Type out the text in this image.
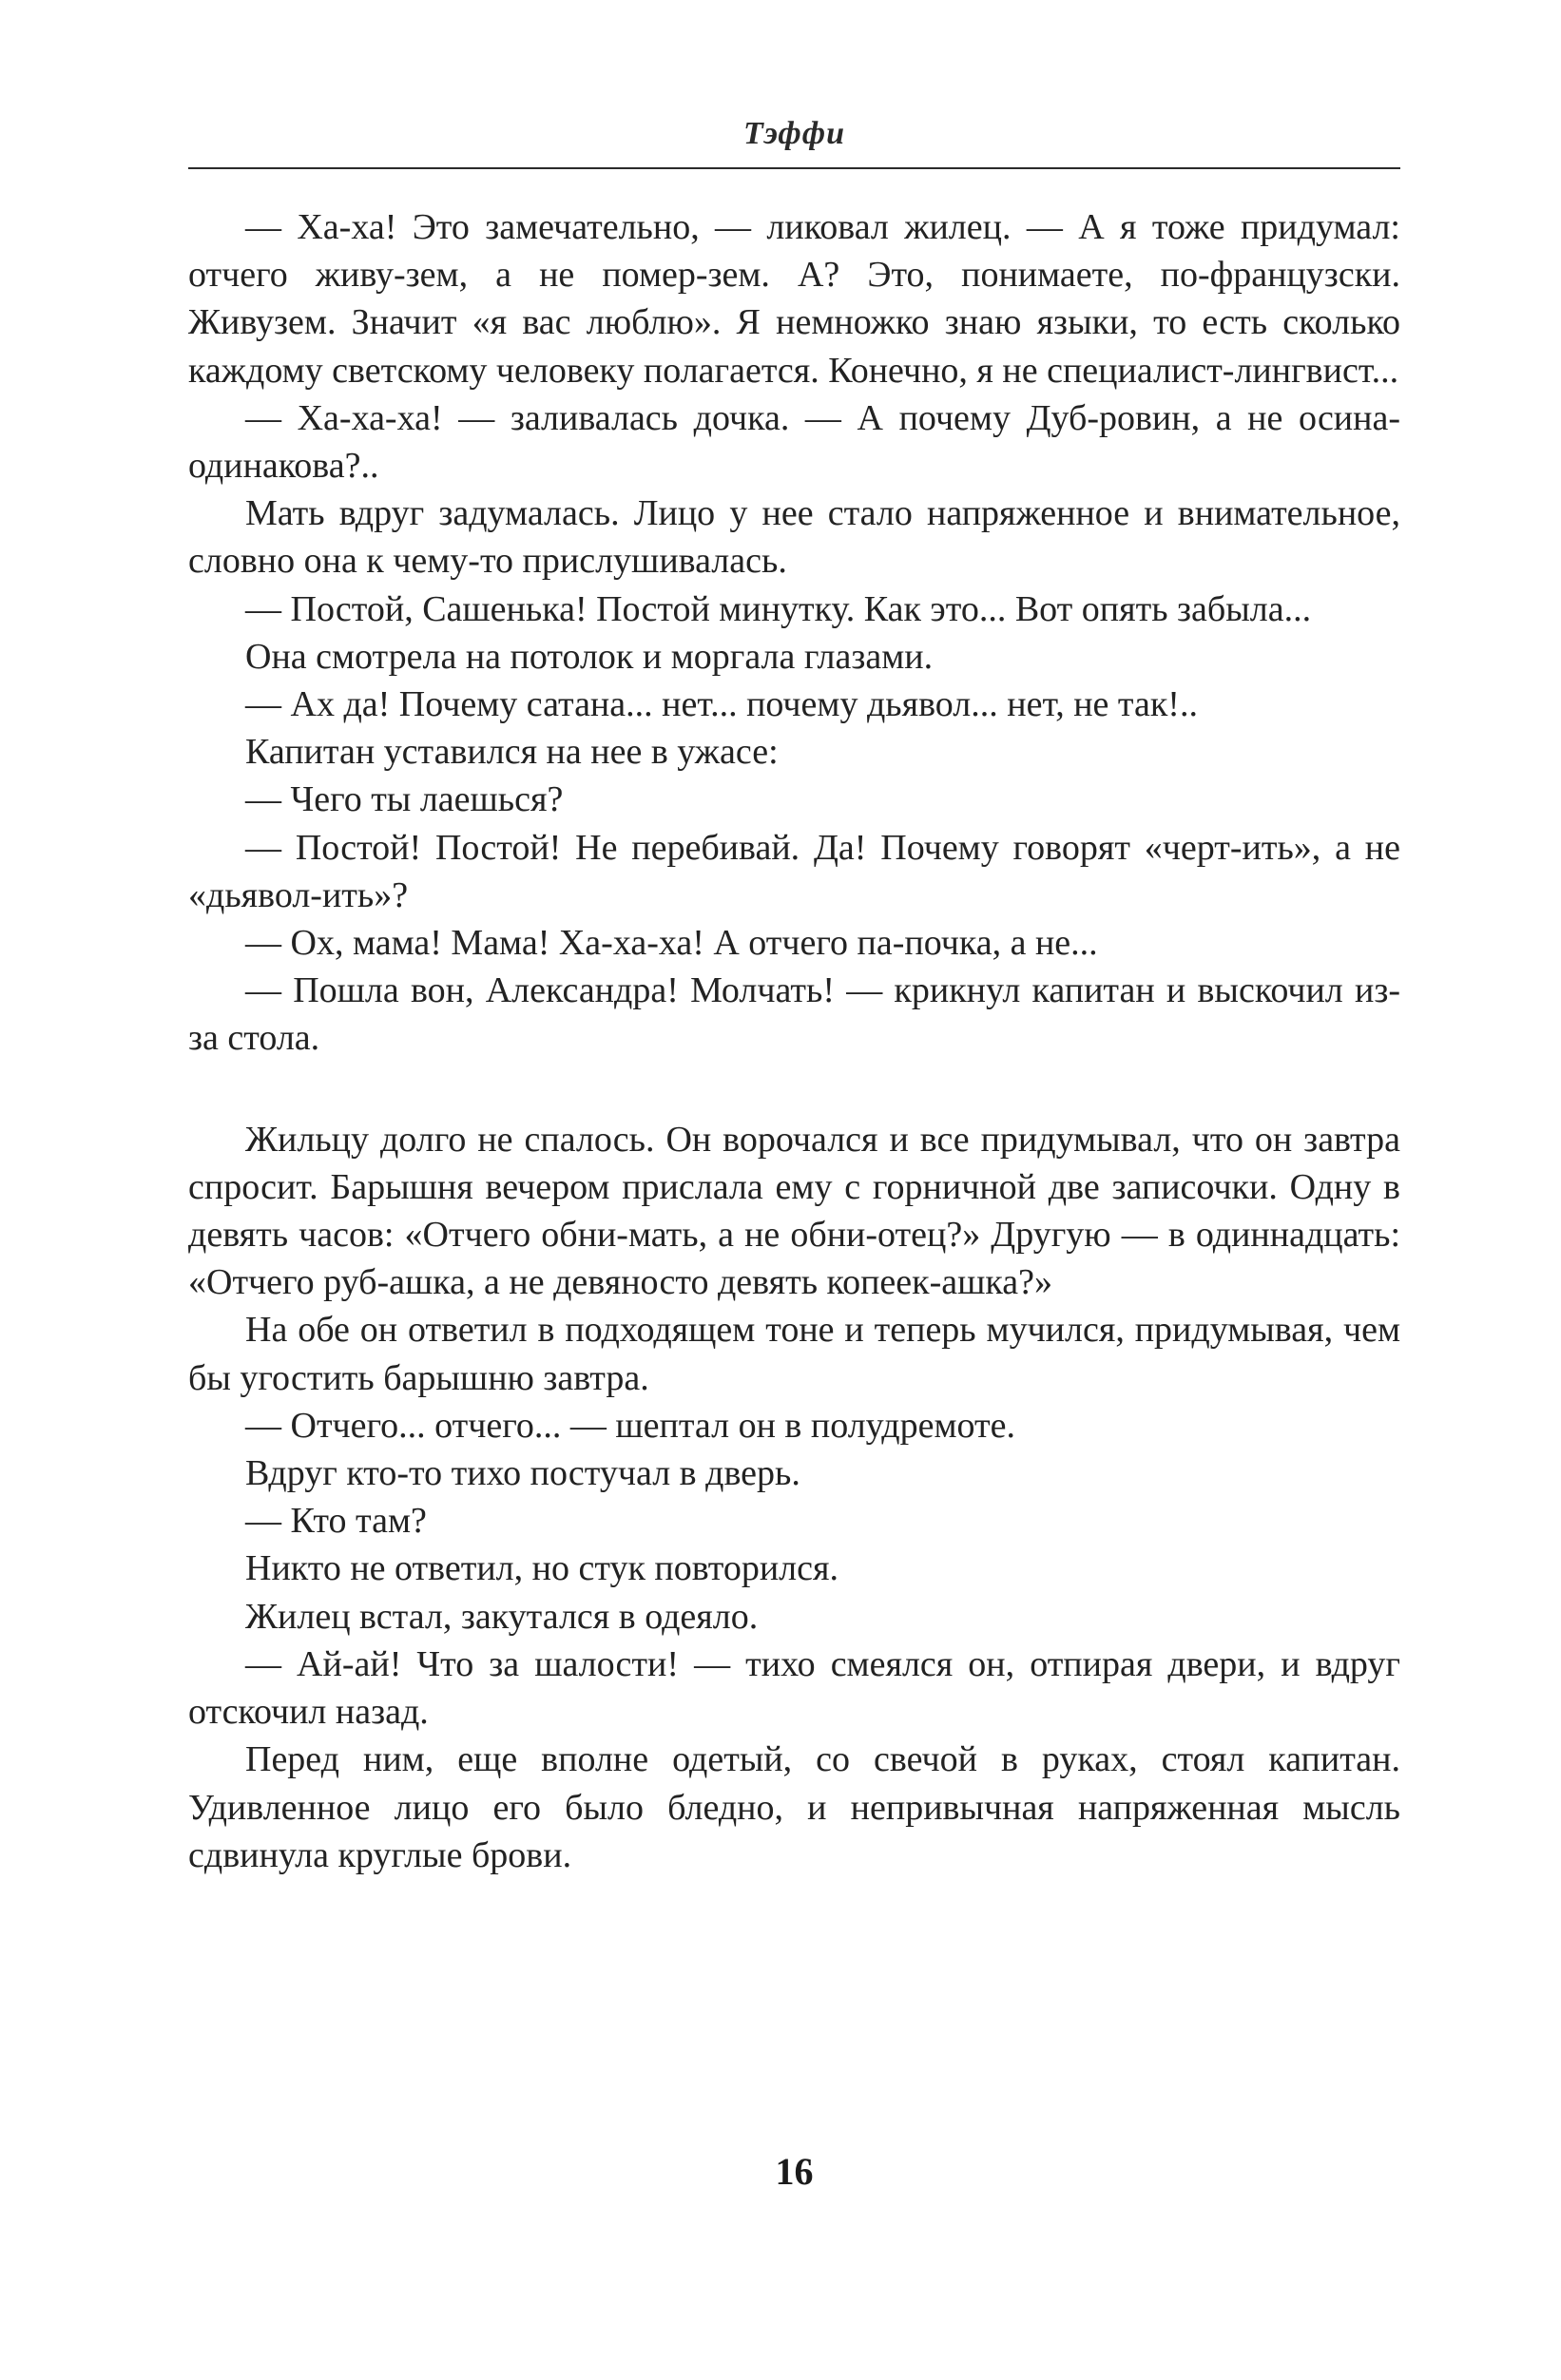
Тэффи

— Ха-ха! Это замечательно, — ликовал жилец. — А я тоже придумал: отчего живу-зем, а не помер-зем. А? Это, понимаете, по-французски. Живузем. Значит «я вас люблю». Я немножко знаю языки, то есть сколько каждому светскому человеку полагается. Конечно, я не специалист-лингвист...

— Ха-ха-ха! — заливалась дочка. — А почему Дуб-ровин, а не осина-одинакова?..

Мать вдруг задумалась. Лицо у нее стало напряженное и внимательное, словно она к чему-то прислушивалась.

— Постой, Сашенька! Постой минутку. Как это... Вот опять забыла...

Она смотрела на потолок и моргала глазами.

— Ах да! Почему сатана... нет... почему дьявол... нет, не так!..

Капитан уставился на нее в ужасе:

— Чего ты лаешься?

— Постой! Постой! Не перебивай. Да! Почему говорят «черт-ить», а не «дьявол-ить»?

— Ох, мама! Мама! Ха-ха-ха! А отчего па-почка, а не...

— Пошла вон, Александра! Молчать! — крикнул капитан и выскочил из-за стола.

Жильцу долго не спалось. Он ворочался и все придумывал, что он завтра спросит. Барышня вечером прислала ему с горничной две записочки. Одну в девять часов: «Отчего обни-мать, а не обни-отец?» Другую — в одиннадцать: «Отчего руб-ашка, а не девяносто девять копеек-ашка?»

На обе он ответил в подходящем тоне и теперь мучился, придумывая, чем бы угостить барышню завтра.

— Отчего... отчего... — шептал он в полудремоте.

Вдруг кто-то тихо постучал в дверь.

— Кто там?

Никто не ответил, но стук повторился.

Жилец встал, закутался в одеяло.

— Ай-ай! Что за шалости! — тихо смеялся он, отпирая двери, и вдруг отскочил назад.

Перед ним, еще вполне одетый, со свечой в руках, стоял капитан. Удивленное лицо его было бледно, и непривычная напряженная мысль сдвинула круглые брови.

16
